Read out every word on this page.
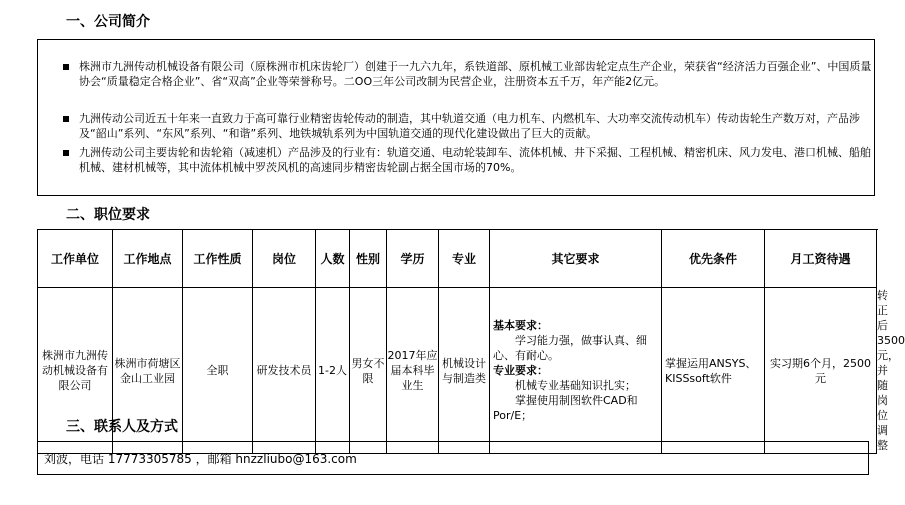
一、公司简介
株洲市九洲传动机械设备有限公司（原株洲市机床齿轮厂）创建于一九六九年，系铁道部、原机械工业部齿轮定点生产企业，荣获省“经济活力百强企业”、中国质量协会“质量稳定合格企业”、省“双高”企业等荣誉称号。二OO三年公司改制为民营企业，注册资本五千万，年产能2亿元。
九洲传动公司近五十年来一直致力于高可靠行业精密齿轮传动的制造，其中轨道交通（电力机车、内燃机车、大功率交流传动机车）传动齿轮生产数万对，产品涉及“韶山”系列、“东风”系列、“和谐”系列、地铁城轨系列为中国轨道交通的现代化建设做出了巨大的贡献。
九洲传动公司主要齿轮和齿轮箱（减速机）产品涉及的行业有：轨道交通、电动轮装卸车、流体机械、井下采掘、工程机械、精密机床、风力发电、港口机械、船舶机械、建材机械等，其中流体机械中罗茨风机的高速同步精密齿轮副占据全国市场的70%。
二、职位要求
工作单位	工作地点	工作性质	岗位	人数	性别	学历	专业	其它要求	优先条件	月工资待遇	
株洲市九洲传动机械设备有限公司	株洲市荷塘区金山工业园	全职	研发技术员	1-2人	男女不限	2017年应届本科毕业生	机械设计与制造类	基本要求：
学习能力强，做事认真、细心、有耐心。
专业要求：
机械专业基础知识扎实；
掌握使用制图软件CAD和Por/E；	掌握运用ANSYS、KISSsoft软件	实习期6个月，2500元	转正后3500元，并随岗位调整
三、联系人及方式
刘波，电话 17773305785 ，邮箱 hnzzliubo@163.com
